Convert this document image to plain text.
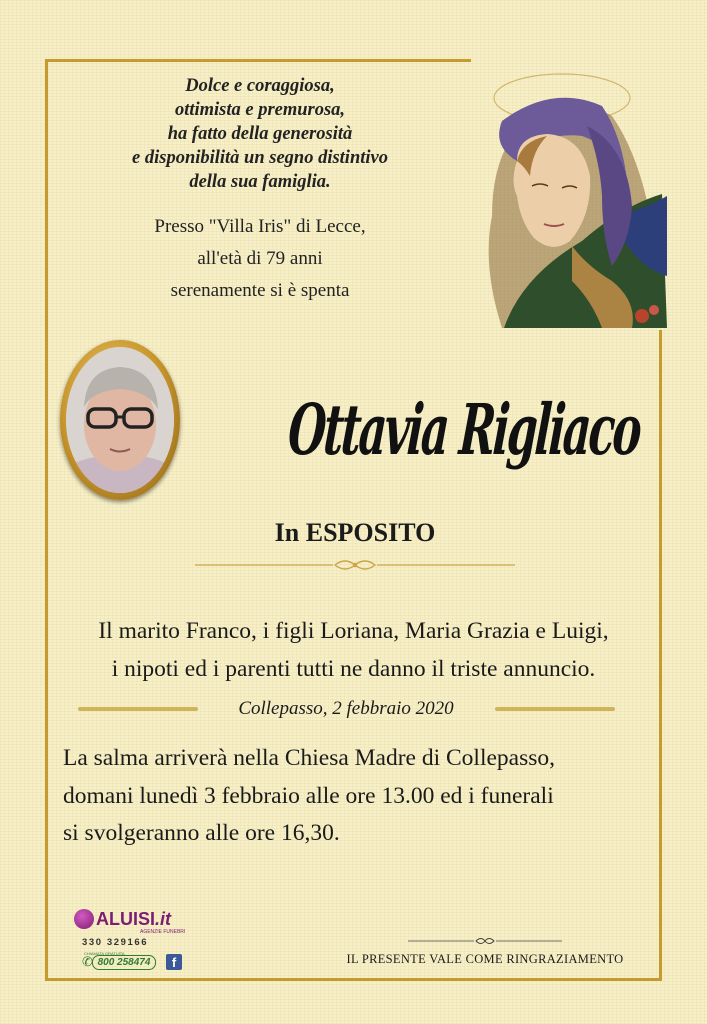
Dolce e coraggiosa,
ottimista e premurosa,
ha fatto della generosità
e disponibilità un segno distintivo
della sua famiglia.
Presso "Villa Iris" di Lecce,
all'età di 79 anni
serenamente si è spenta
Ottavia Rigliaco
In ESPOSITO
Il marito Franco, i figli Loriana, Maria Grazia e Luigi,
i nipoti ed i parenti tutti ne danno il triste annuncio.
Collepasso, 2 febbraio 2020
La salma arriverà nella Chiesa Madre di Collepasso,
domani lunedì 3 febbraio alle ore 13.00 ed i funerali
si svolgeranno alle ore 16,30.
ALUISI.it
AGENZIE FUNEBRI
330 329166
CHIAMATA GRATUITA
✆ 800 258474	f	IL PRESENTE VALE COME RINGRAZIAMENTO
